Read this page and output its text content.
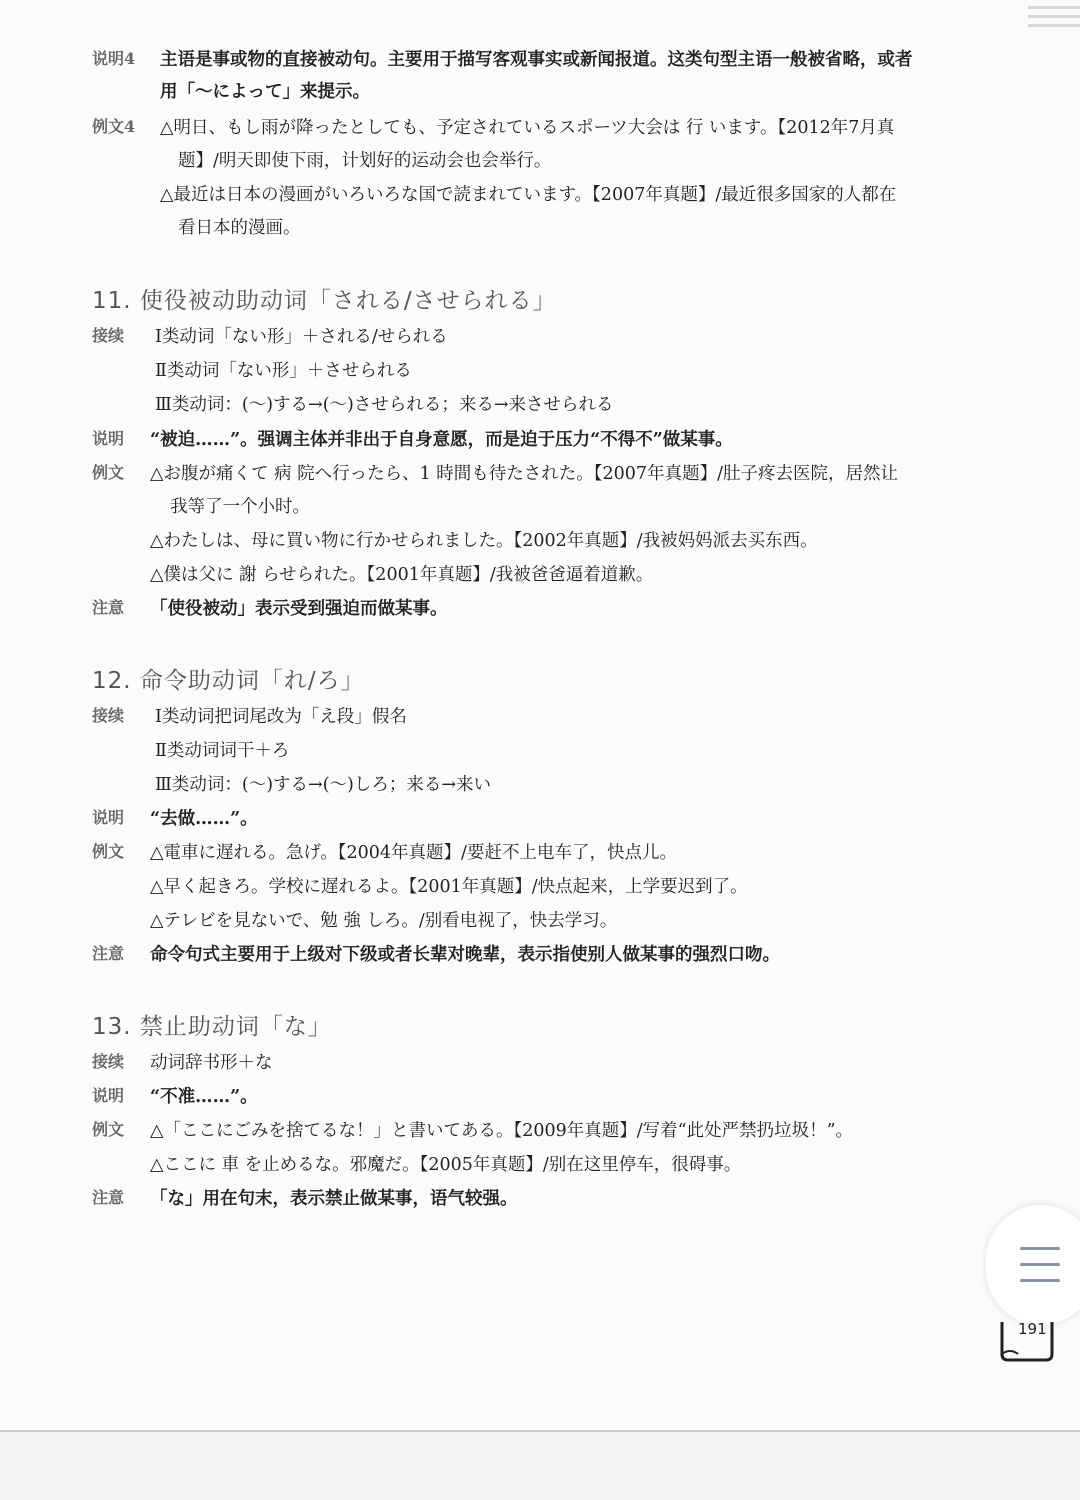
说明4 主语是事或物的直接被动句。主要用于描写客观事实或新闻报道。这类句型主语一般被省略，或者
用「～によって」来提示。
例文4 △明日、もし雨が降ったとしても、予定されているスポーツ大会は 行 います。【2012年7月真
题】/明天即使下雨，计划好的运动会也会举行。
△最近は日本の漫画がいろいろな国で読まれています。【2007年真题】/最近很多国家的人都在
看日本的漫画。
11. 使役被动助动词「される/させられる」
接续 Ⅰ类动词「ない形」＋される/せられる
Ⅱ类动词「ない形」＋させられる
Ⅲ类动词：(～)する→(～)させられる；来る→来させられる
说明 “被迫……”。强调主体并非出于自身意愿，而是迫于压力“不得不”做某事。
例文 △お腹が痛くて 病 院へ行ったら、1 時間も待たされた。【2007年真题】/肚子疼去医院，居然让
我等了一个小时。
△わたしは、母に買い物に行かせられました。【2002年真题】/我被妈妈派去买东西。
△僕は父に 謝 らせられた。【2001年真题】/我被爸爸逼着道歉。
注意 「使役被动」表示受到强迫而做某事。
12. 命令助动词「れ/ろ」
接续 Ⅰ类动词把词尾改为「え段」假名
Ⅱ类动词词干＋ろ
Ⅲ类动词：(～)する→(～)しろ；来る→来い
说明 “去做……”。
例文 △電車に遅れる。急げ。【2004年真题】/要赶不上电车了，快点儿。
△早く起きろ。学校に遅れるよ。【2001年真题】/快点起来，上学要迟到了。
△テレビを見ないで、勉 強 しろ。/别看电视了，快去学习。
注意 命令句式主要用于上级对下级或者长辈对晚辈，表示指使别人做某事的强烈口吻。
13. 禁止助动词「な」
接续 动词辞书形＋な
说明 “不准……”。
例文 △「ここにごみを捨てるな！」と書いてある。【2009年真题】/写着“此处严禁扔垃圾！”。
△ここに 車 を止めるな。邪魔だ。【2005年真题】/别在这里停车，很碍事。
注意 「な」用在句末，表示禁止做某事，语气较强。
191
